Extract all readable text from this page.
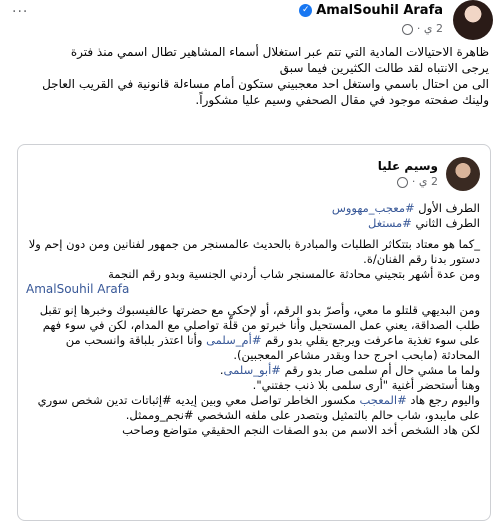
···	✓ AmalSouhil Arafa
2 ي ·
ظاهرة الاحتيالات المادية التي تتم عبر استغلال أسماء المشاهير تطال اسمي منذ فترة
يرجى الانتباه لقد طالت الكثيرين فيما سبق
الى من احتال باسمي واستغل احد معجبيني ستكون أمام مساءلة قانونية في القريب العاجل
ولينك صفحته موجود في مقال الصحفي وسيم عليا مشكوراً.
وسيم عليا
2 ي ·

الطرف الأول #معجب_مهووس

الطرف الثاني #مستغل

_كما هو معتاد بتتكاثر الطلبات والمبادرة بالحديث عالمسنجر من جمهور لفنانين ومن دون إحم ولا دستور بدنا رقم الفنان/ة.

ومن عدة أشهر بتجيني محادثة عالمسنجر شاب أردني الجنسية وبدو رقم النجمة

AmalSouhil Arafa

ومن البديهي قلتلو ما معي، وأصرّ بدو الرقم، أو لإحكي مع حضرتها عالفيسبوك وخبرها إنو تقبل طلب الصداقة، يعني عمل المستحيل وأنا خبرتو من قلّة تواصلي مع المدام، لكن في سوء فهم على سوء تغذية ماعرفت ويرجع يقلي بدو رقم #أم_سلمى وأنا اعتذر بلباقة وانسحب من المحادثة (مابحب احرج حدا وبقدر مشاعر المعجبين).

ولما ما مشي حال أم سلمى صار بدو رقم #أبو_سلمى.

وهنا أستحضر أغنية "أرى سلمى بلا ذنب جفتني".

واليوم رجع هاد #المعجب مكسور الخاطر تواصل معي وبين إيديه #إثباتات تدين شخص سوري على مايبدو، شاب حالم بالتمثيل وبتصدر على ملفه الشخصي #نجم_وممثل.

لكن هاد الشخص أخد الاسم من بدو الصفات النجم الحقيقي متواضع وصاحب
